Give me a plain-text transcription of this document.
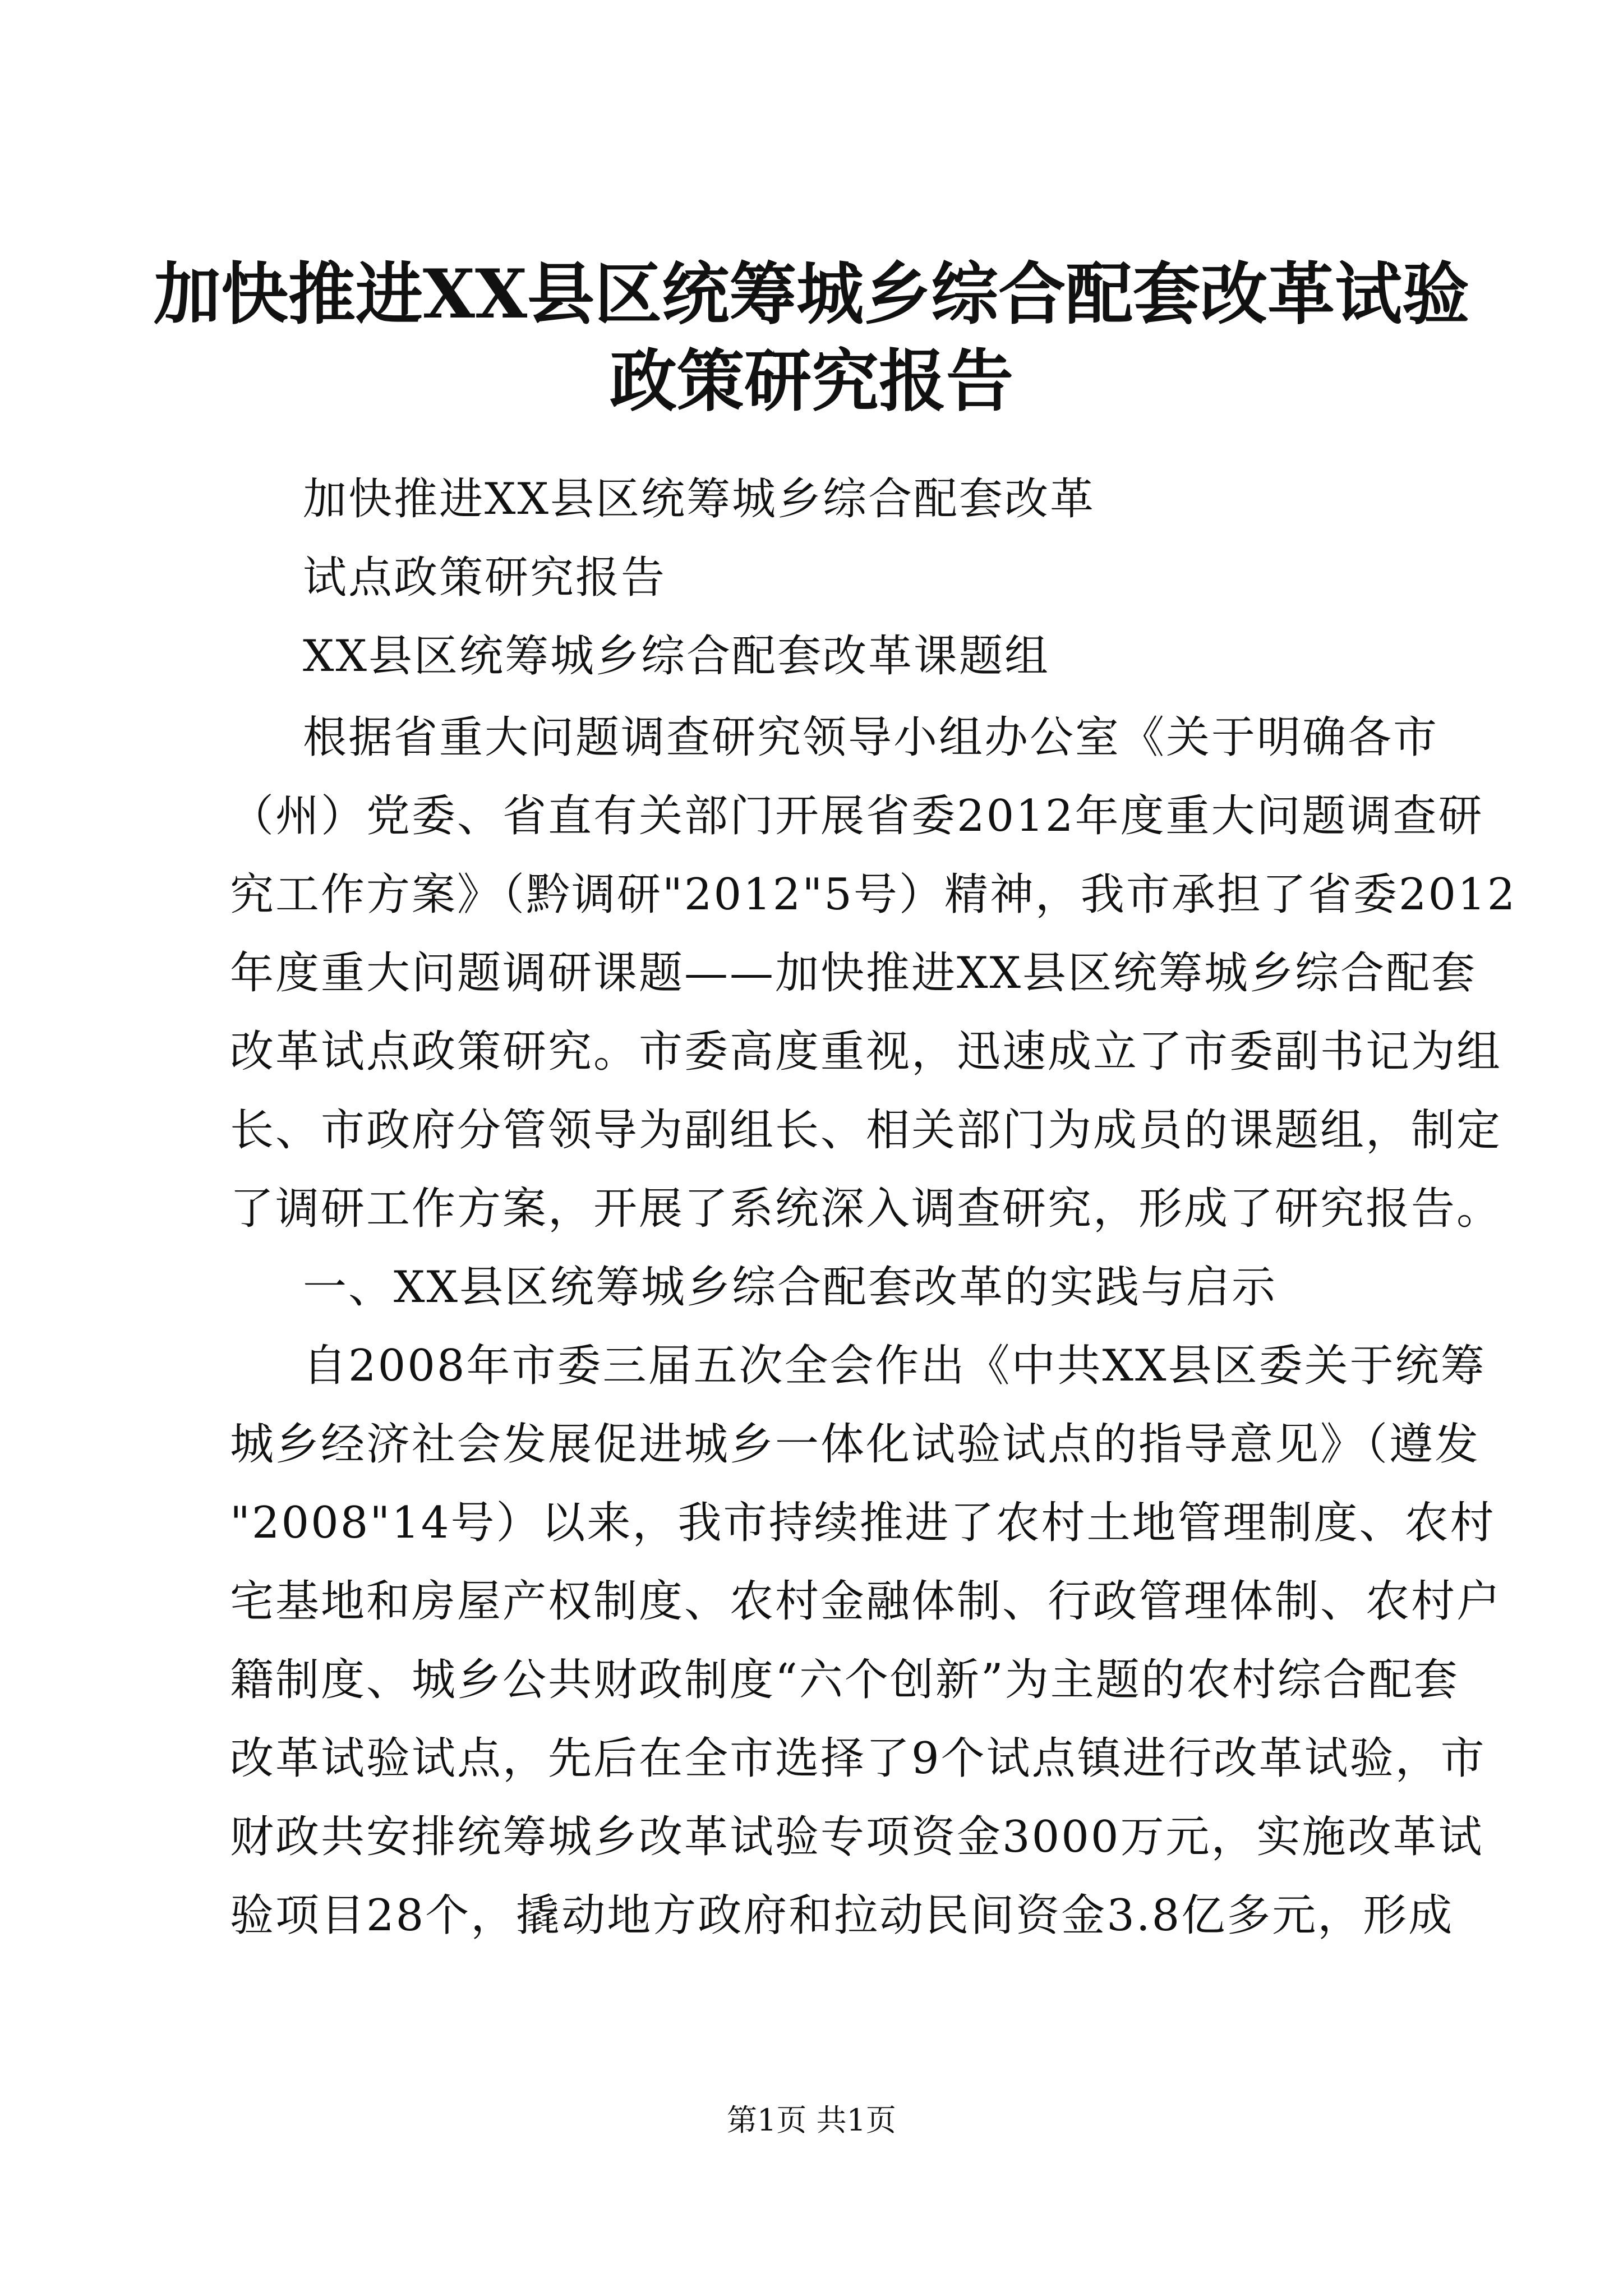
加快推进XX县区统筹城乡综合配套改革试验
政策研究报告

加快推进XX县区统筹城乡综合配套改革

试点政策研究报告

XX县区统筹城乡综合配套改革课题组

根据省重大问题调查研究领导小组办公室《关于明确各市

（州）党委、省直有关部门开展省委2012年度重大问题调查研

究工作方案》（黔调研"2012"5号）精神，我市承担了省委2012

年度重大问题调研课题——加快推进XX县区统筹城乡综合配套

改革试点政策研究。市委高度重视，迅速成立了市委副书记为组

长、市政府分管领导为副组长、相关部门为成员的课题组，制定

了调研工作方案，开展了系统深入调查研究，形成了研究报告。

一、XX县区统筹城乡综合配套改革的实践与启示

自2008年市委三届五次全会作出《中共XX县区委关于统筹

城乡经济社会发展促进城乡一体化试验试点的指导意见》（遵发

"2008"14号）以来，我市持续推进了农村土地管理制度、农村

宅基地和房屋产权制度、农村金融体制、行政管理体制、农村户

籍制度、城乡公共财政制度“六个创新”为主题的农村综合配套

改革试验试点，先后在全市选择了9个试点镇进行改革试验，市

财政共安排统筹城乡改革试验专项资金3000万元，实施改革试

验项目28个，撬动地方政府和拉动民间资金3.8亿多元，形成

第1页 共1页
